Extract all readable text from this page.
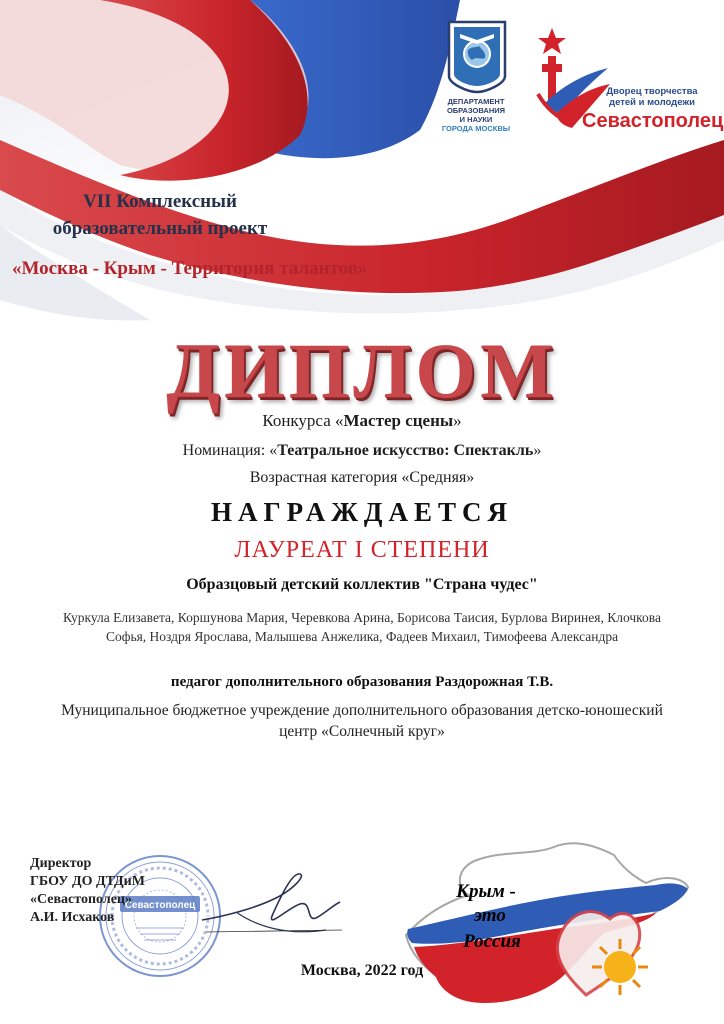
ДЕПАРТАМЕНТ
ОБРАЗОВАНИЯ
И НАУКИ
ГОРОДА МОСКВЫ
Дворец творчества
детей и молодежи
Севастополец
VII Комплексный
образовательный проект
«Москва - Крым - Территория талантов»
ДИПЛОМ
Конкурса «Мастер сцены»
Номинация: «Театральное искусство: Спектакль»
Возрастная категория «Средняя»
НАГРАЖДАЕТСЯ
ЛАУРЕАТ I СТЕПЕНИ
Образцовый детский коллектив "Страна чудес"
Куркула Елизавета, Коршунова Мария, Черевкова Арина, Борисова Таисия, Бурлова Виринея, Клочкова Софья, Ноздря Ярослава, Малышева Анжелика, Фадеев Михаил, Тимофеева Александра
педагог дополнительного образования Раздорожная Т.В.
Муниципальное бюджетное учреждение дополнительного образования детско-юношеский центр «Солнечный круг»
Севастополец
Директор
ГБОУ ДО ДТДиМ
«Севастополец»
А.И. Исхаков
Москва, 2022 год
Крым -
это
Россия
